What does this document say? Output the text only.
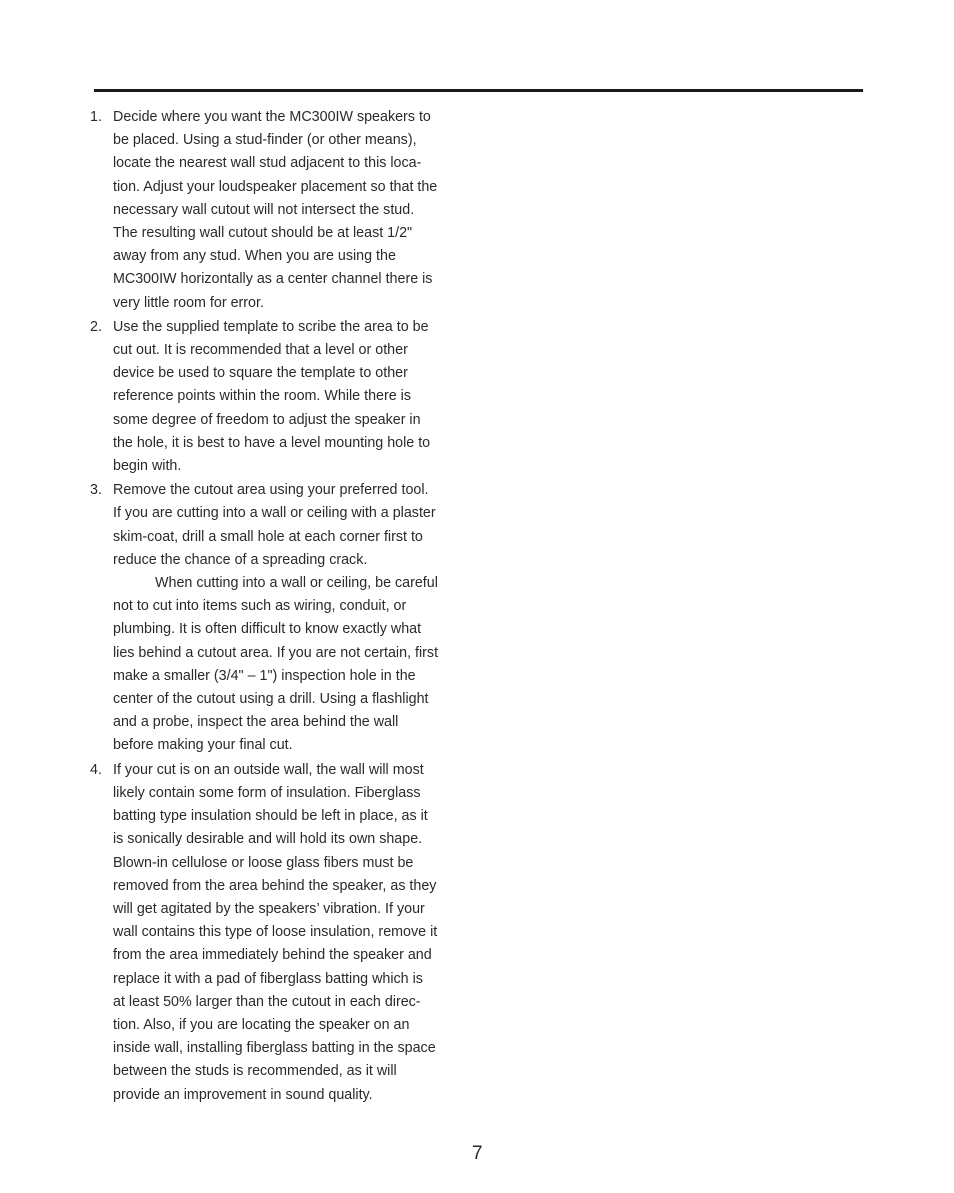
1. Decide where you want the MC300IW speakers to
be placed. Using a stud-finder (or other means),
locate the nearest wall stud adjacent to this loca-
tion. Adjust your loudspeaker placement so that the
necessary wall cutout will not intersect the stud.
The resulting wall cutout should be at least 1/2"
away from any stud. When you are using the
MC300IW horizontally as a center channel there is
very little room for error.
2. Use the supplied template to scribe the area to be
cut out. It is recommended that a level or other
device be used to square the template to other
reference points within the room. While there is
some degree of freedom to adjust the speaker in
the hole, it is best to have a level mounting hole to
begin with.
3. Remove the cutout area using your preferred tool.
If you are cutting into a wall or ceiling with a plaster
skim-coat, drill a small hole at each corner first to
reduce the chance of a spreading crack.
When cutting into a wall or ceiling, be careful
not to cut into items such as wiring, conduit, or
plumbing. It is often difficult to know exactly what
lies behind a cutout area. If you are not certain, first
make a smaller (3/4" – 1") inspection hole in the
center of the cutout using a drill. Using a flashlight
and a probe, inspect the area behind the wall
before making your final cut.
4. If your cut is on an outside wall, the wall will most
likely contain some form of insulation. Fiberglass
batting type insulation should be left in place, as it
is sonically desirable and will hold its own shape.
Blown-in cellulose or loose glass fibers must be
removed from the area behind the speaker, as they
will get agitated by the speakers’ vibration. If your
wall contains this type of loose insulation, remove it
from the area immediately behind the speaker and
replace it with a pad of fiberglass batting which is
at least 50% larger than the cutout in each direc-
tion. Also, if you are locating the speaker on an
inside wall, installing fiberglass batting in the space
between the studs is recommended, as it will
provide an improvement in sound quality.
7
